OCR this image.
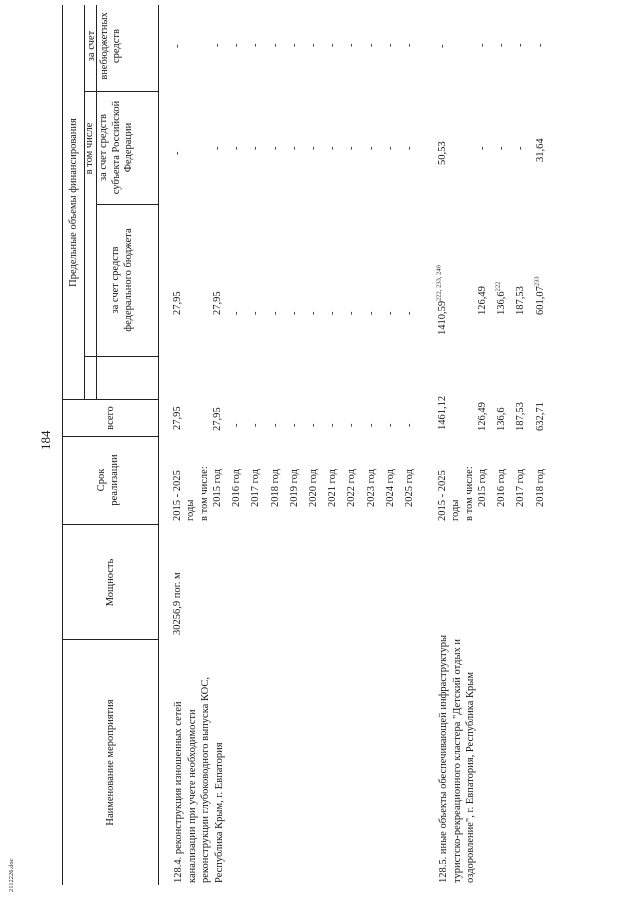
184
Наименование мероприятия
Мощность
Срок реализации
всего
Предельные объемы финансирования в том числе
за счет средств федерального бюджета
за счет средств субъекта Российской Федерации
за счет внебюджетных средств
128.4. реконструкция изношенных сетей канализации при учете необходимости реконструкции глубоководного выпуска КОС, Республика Крым, г. Евпатория
30256,9 пог. м
2015 - 2025 годы
27,95
27,95
-
-
в том числе: 2015 год
27,95
27,95
-
-
2016 год
-
-
-
-
2017 год
-
-
-
-
2018 год
-
-
-
-
2019 год
-
-
-
-
2020 год
-
-
-
-
2021 год
-
-
-
-
2022 год
-
-
-
-
2023 год
-
-
-
-
2024 год
-
-
-
-
2025 год
-
-
-
-
128.5. иные объекты обеспечивающей инфраструктуры туристско-рекреационного кластера "Детский отдых и оздоровление", г. Евпатория, Республика Крым
2015 - 2025 годы
1461,12
1410,59$^{222, 233, 240}$
50,53
-
в том числе: 2015 год
126,49
126,49
-
-
2016 год
136,6
136,6$^{222}$
-
-
2017 год
187,53
187,53
-
-
2018 год
632,71
601,07$^{233}$
31,64
-
2112226.doc
